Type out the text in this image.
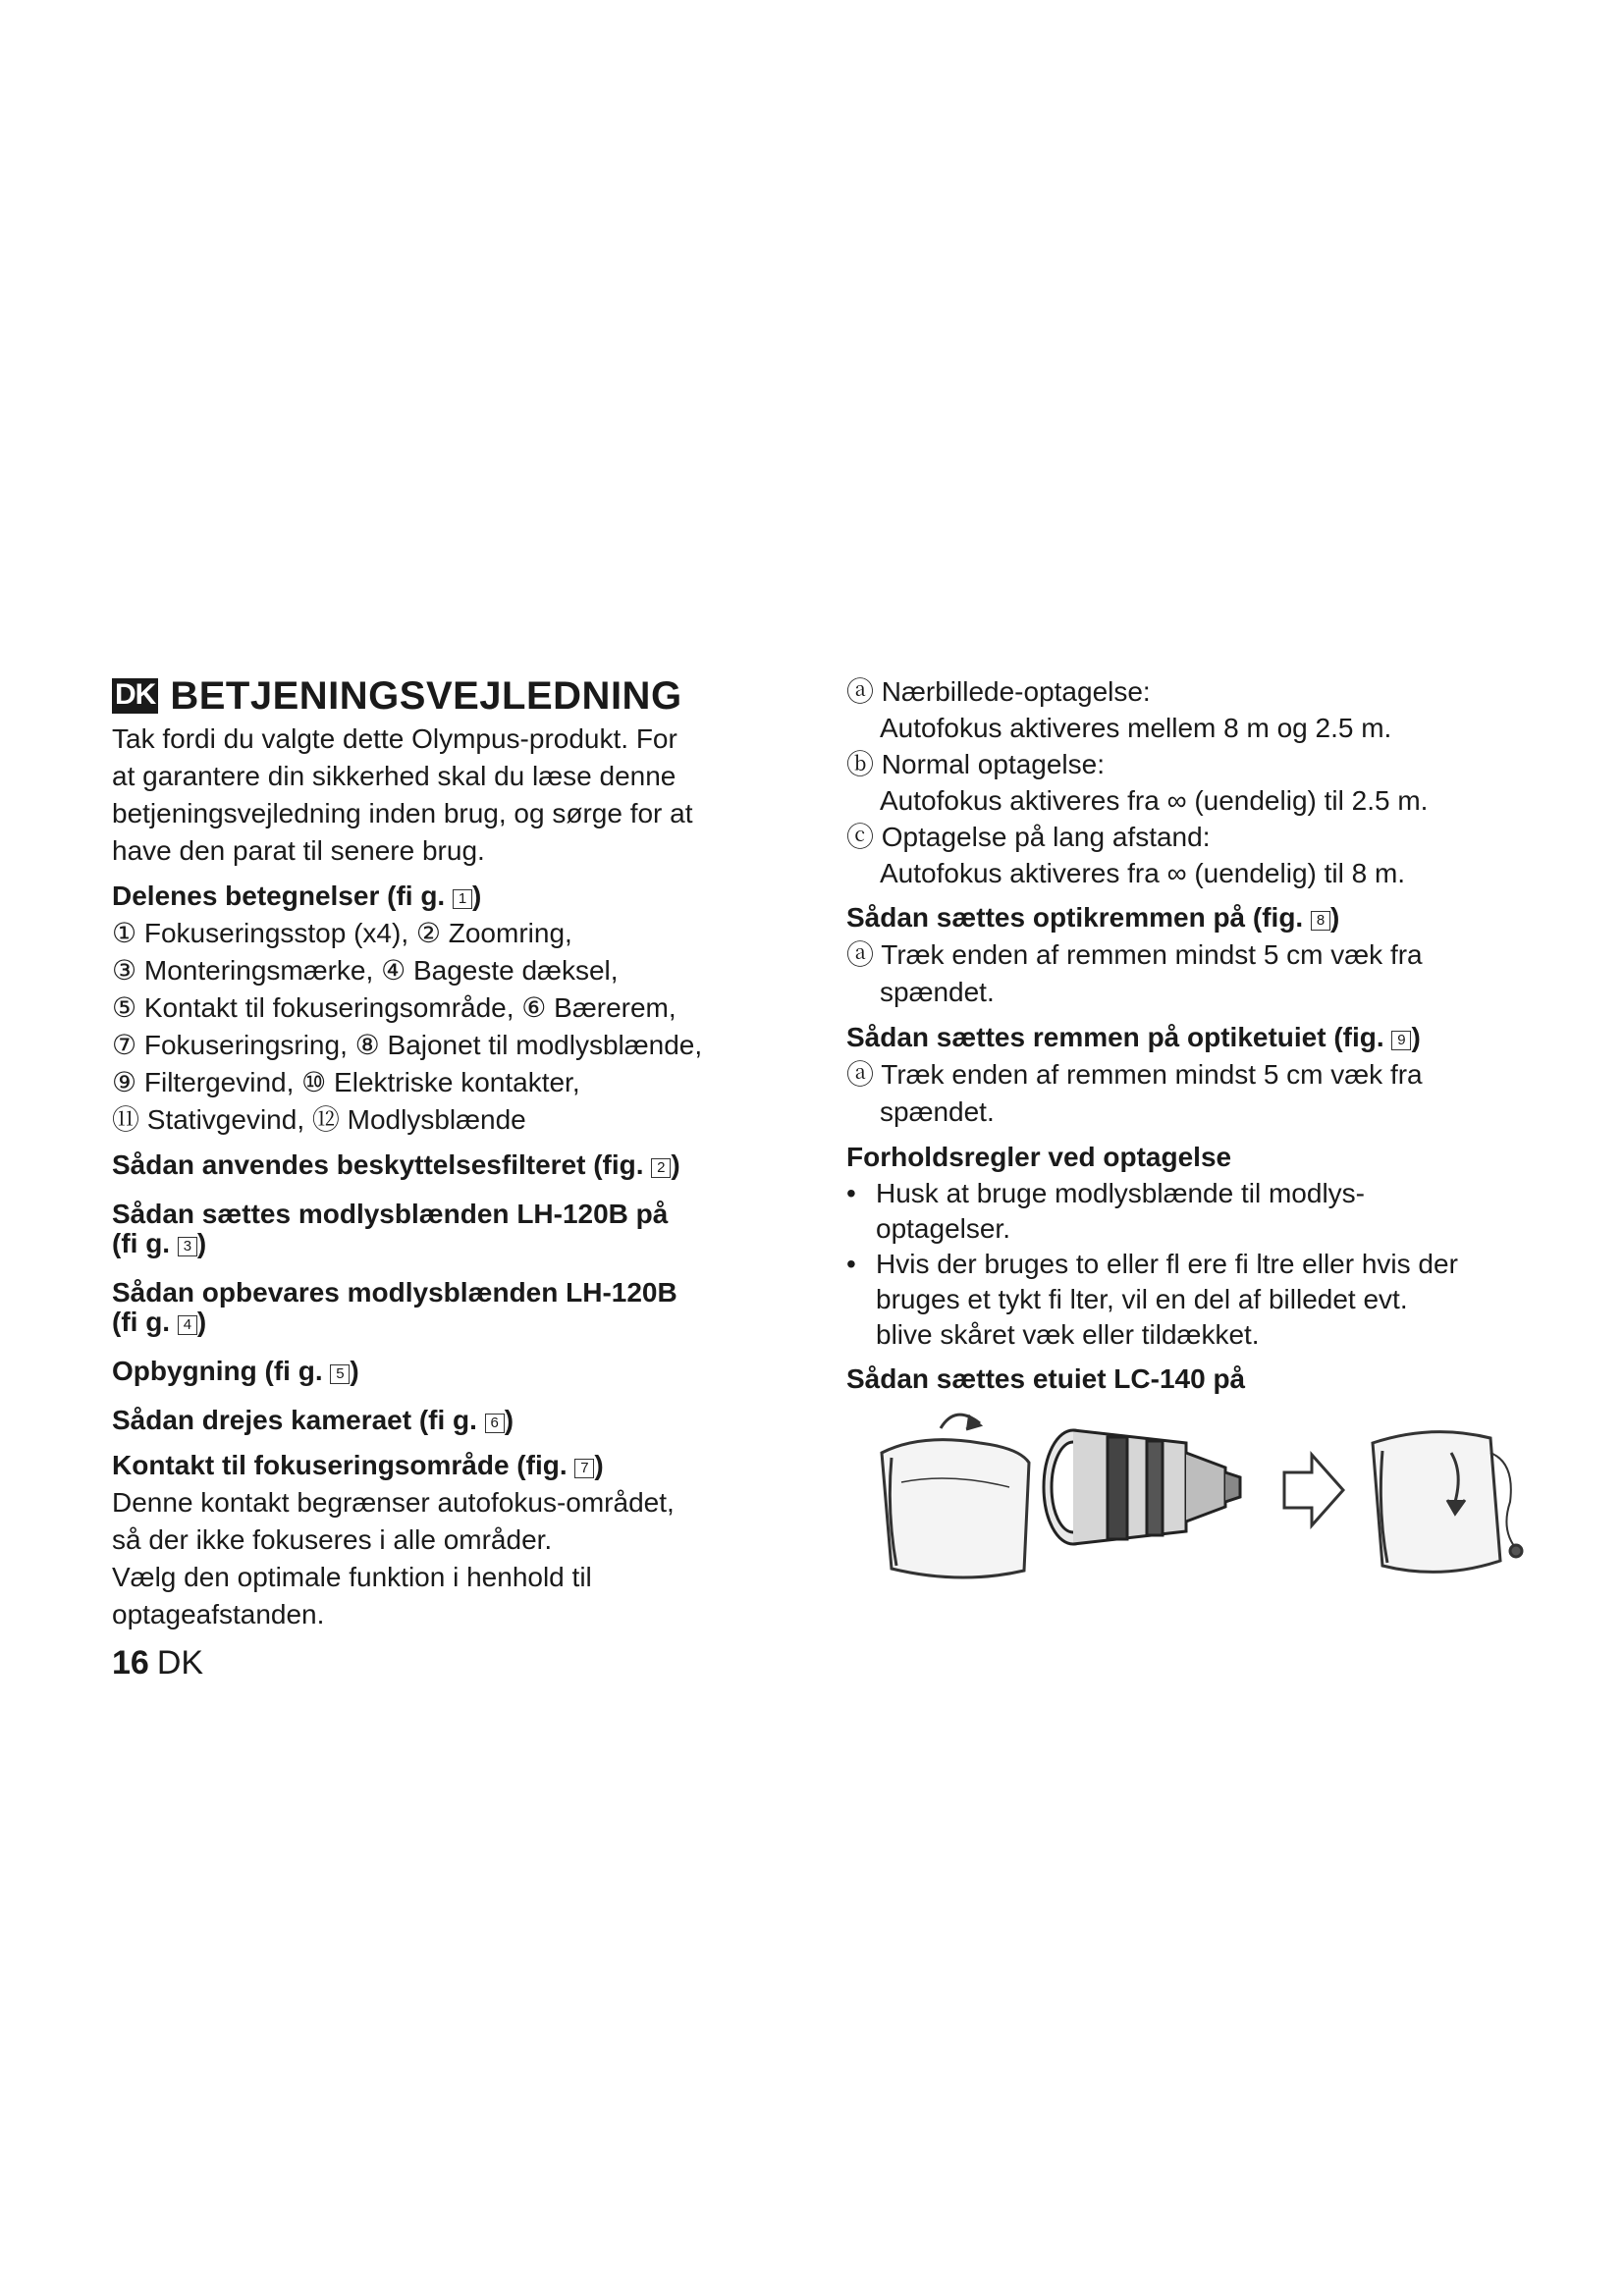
DK BETJENINGSVEJLEDNING

Tak fordi du valgte dette Olympus-produkt. For

at garantere din sikkerhed skal du læse denne

betjeningsvejledning inden brug, og sørge for at

have den parat til senere brug.

Delenes betegnelser (fi g. 1 )

① Fokuseringsstop (x4), ② Zoomring,

③ Monteringsmærke, ④ Bageste dæksel,

⑤ Kontakt til fokuseringsområde, ⑥ Bærerem,

⑦ Fokuseringsring, ⑧ Bajonet til modlysblænde,

⑨ Filtergevind, ⑩ Elektriske kontakter,

⑪ Stativgevind, ⑫ Modlysblænde

Sådan anvendes beskyttelsesfilteret (fig. 2 )

Sådan sættes modlysblænden LH-120B på

(fi g. 3 )

Sådan opbevares modlysblænden LH-120B

(fi g. 4 )

Opbygning (fi g. 5 )

Sådan drejes kameraet (fi g. 6 )

Kontakt til fokuseringsområde (fig. 7 )

Denne kontakt begrænser autofokus-området,

så der ikke fokuseres i alle områder.

Vælg den optimale funktion i henhold til

optageafstanden.

ⓐ Nærbillede-optagelse:

Autofokus aktiveres mellem 8 m og 2.5 m.

ⓑ Normal optagelse:

Autofokus aktiveres fra ∞ (uendelig) til 2.5 m.

ⓒ Optagelse på lang afstand:

Autofokus aktiveres fra ∞ (uendelig) til 8 m.

Sådan sættes optikremmen på (fig. 8 )

ⓐ Træk enden af remmen mindst 5 cm væk fra

spændet.

Sådan sættes remmen på optiketuiet (fig. 9 )

ⓐ Træk enden af remmen mindst 5 cm væk fra

spændet.

Forholdsregler ved optagelse

• Husk at bruge modlysblænde til modlys-

optagelser.

• Hvis der bruges to eller fl ere fi ltre eller hvis der

bruges et tykt fi lter, vil en del af billedet evt.

blive skåret væk eller tildækket.

Sådan sættes etuiet LC-140 på

16 DK
